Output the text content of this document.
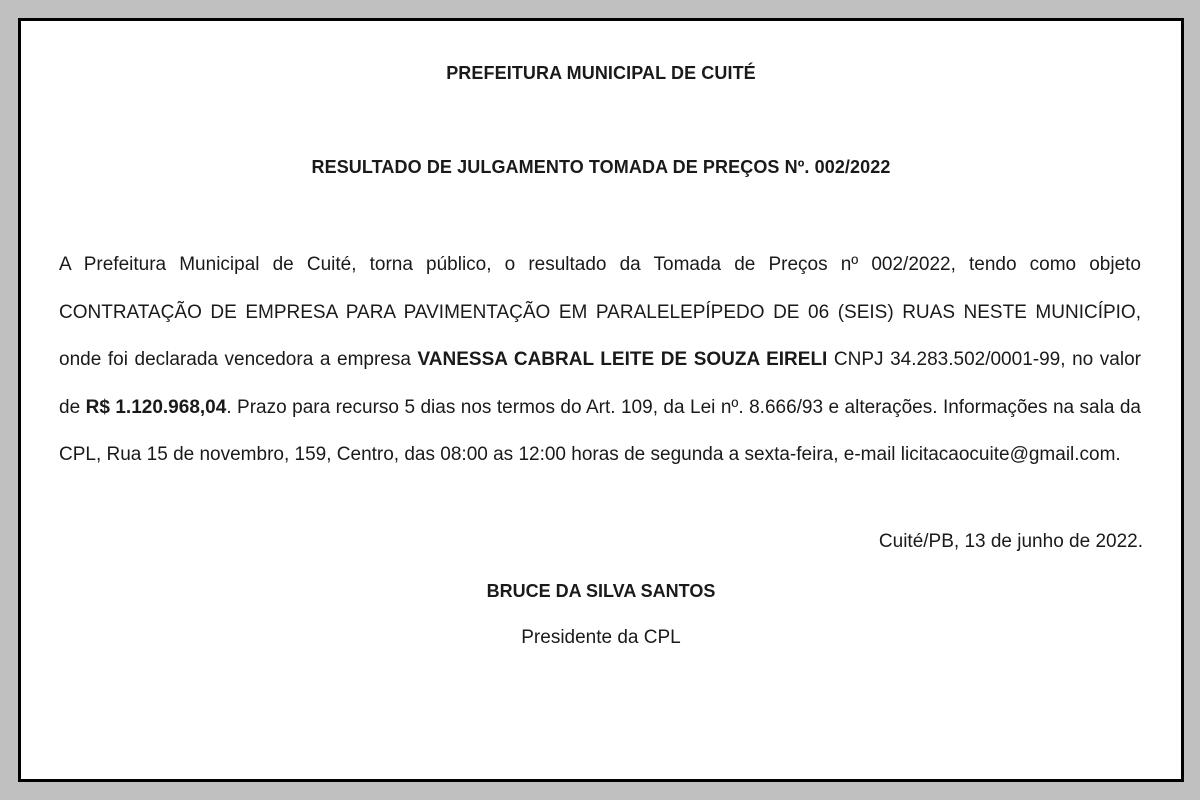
PREFEITURA MUNICIPAL DE CUITÉ
RESULTADO DE JULGAMENTO TOMADA DE PREÇOS Nº. 002/2022
A Prefeitura Municipal de Cuité, torna público, o resultado da Tomada de Preços nº 002/2022, tendo como objeto CONTRATAÇÃO DE EMPRESA PARA PAVIMENTAÇÃO EM PARALELEPÍPEDO DE 06 (SEIS) RUAS NESTE MUNICÍPIO, onde foi declarada vencedora a empresa VANESSA CABRAL LEITE DE SOUZA EIRELI CNPJ 34.283.502/0001-99, no valor de R$ 1.120.968,04. Prazo para recurso 5 dias nos termos do Art. 109, da Lei nº. 8.666/93 e alterações. Informações na sala da CPL, Rua 15 de novembro, 159, Centro, das 08:00 as 12:00 horas de segunda a sexta-feira, e-mail licitacaocuite@gmail.com.
Cuité/PB, 13 de junho de 2022.
BRUCE DA SILVA SANTOS
Presidente da CPL
